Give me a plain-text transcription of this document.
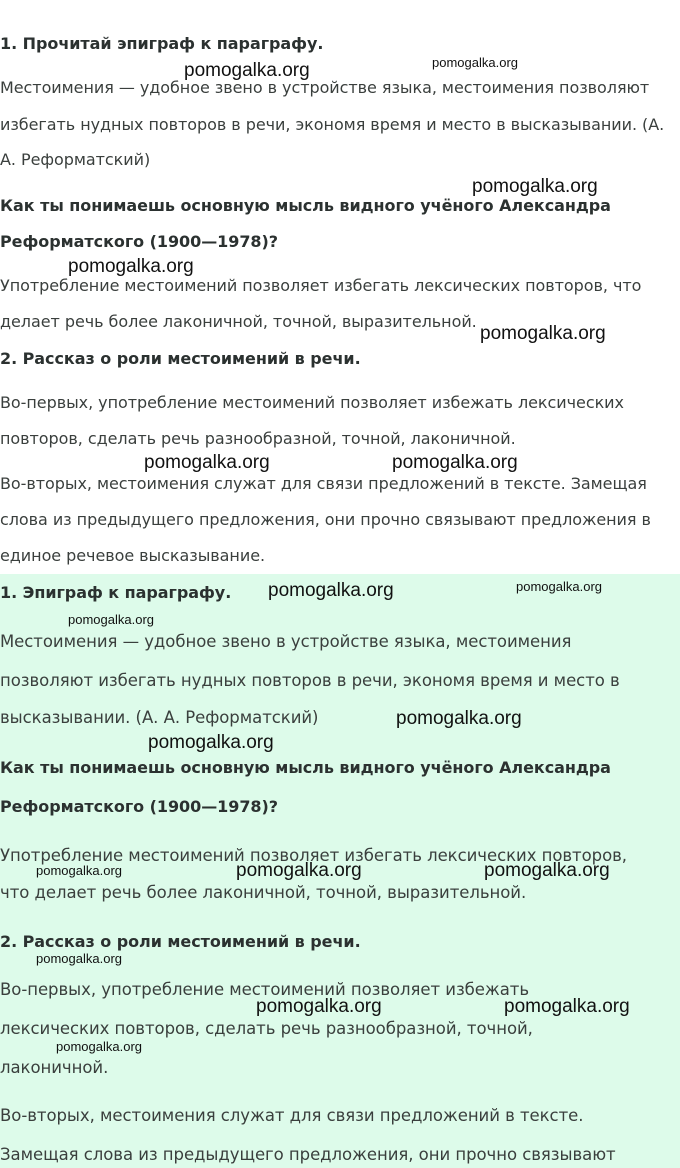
1. Прочитай эпиграф к параграфу.
Местоимения — удобное звено в устройстве языка, местоимения позволяют
избегать нудных повторов в речи, экономя время и место в высказывании. (А.
А. Реформатский)
Как ты понимаешь основную мысль видного учёного Александра
Реформатского (1900—1978)?
Употребление местоимений позволяет избегать лексических повторов, что
делает речь более лаконичной, точной, выразительной.
2. Рассказ о роли местоимений в речи.
Во-первых, употребление местоимений позволяет избежать лексических
повторов, сделать речь разнообразной, точной, лаконичной.
Во-вторых, местоимения служат для связи предложений в тексте. Замещая
слова из предыдущего предложения, они прочно связывают предложения в
единое речевое высказывание.
1. Эпиграф к параграфу.
Местоимения — удобное звено в устройстве языка, местоимения
позволяют избегать нудных повторов в речи, экономя время и место в
высказывании. (А. А. Реформатский)
Как ты понимаешь основную мысль видного учёного Александра
Реформатского (1900—1978)?
Употребление местоимений позволяет избегать лексических повторов,
что делает речь более лаконичной, точной, выразительной.
2. Рассказ о роли местоимений в речи.
Во-первых, употребление местоимений позволяет избежать
лексических повторов, сделать речь разнообразной, точной,
лаконичной.
Во-вторых, местоимения служат для связи предложений в тексте.
Замещая слова из предыдущего предложения, они прочно связывают
pomogalka.org	pomogalka.org
pomogalka.org
pomogalka.org
pomogalka.org
pomogalka.org	pomogalka.org
pomogalka.org	pomogalka.org
pomogalka.org
pomogalka.org
pomogalka.org
pomogalka.org	pomogalka.org	pomogalka.org
pomogalka.org
pomogalka.org	pomogalka.org
pomogalka.org
